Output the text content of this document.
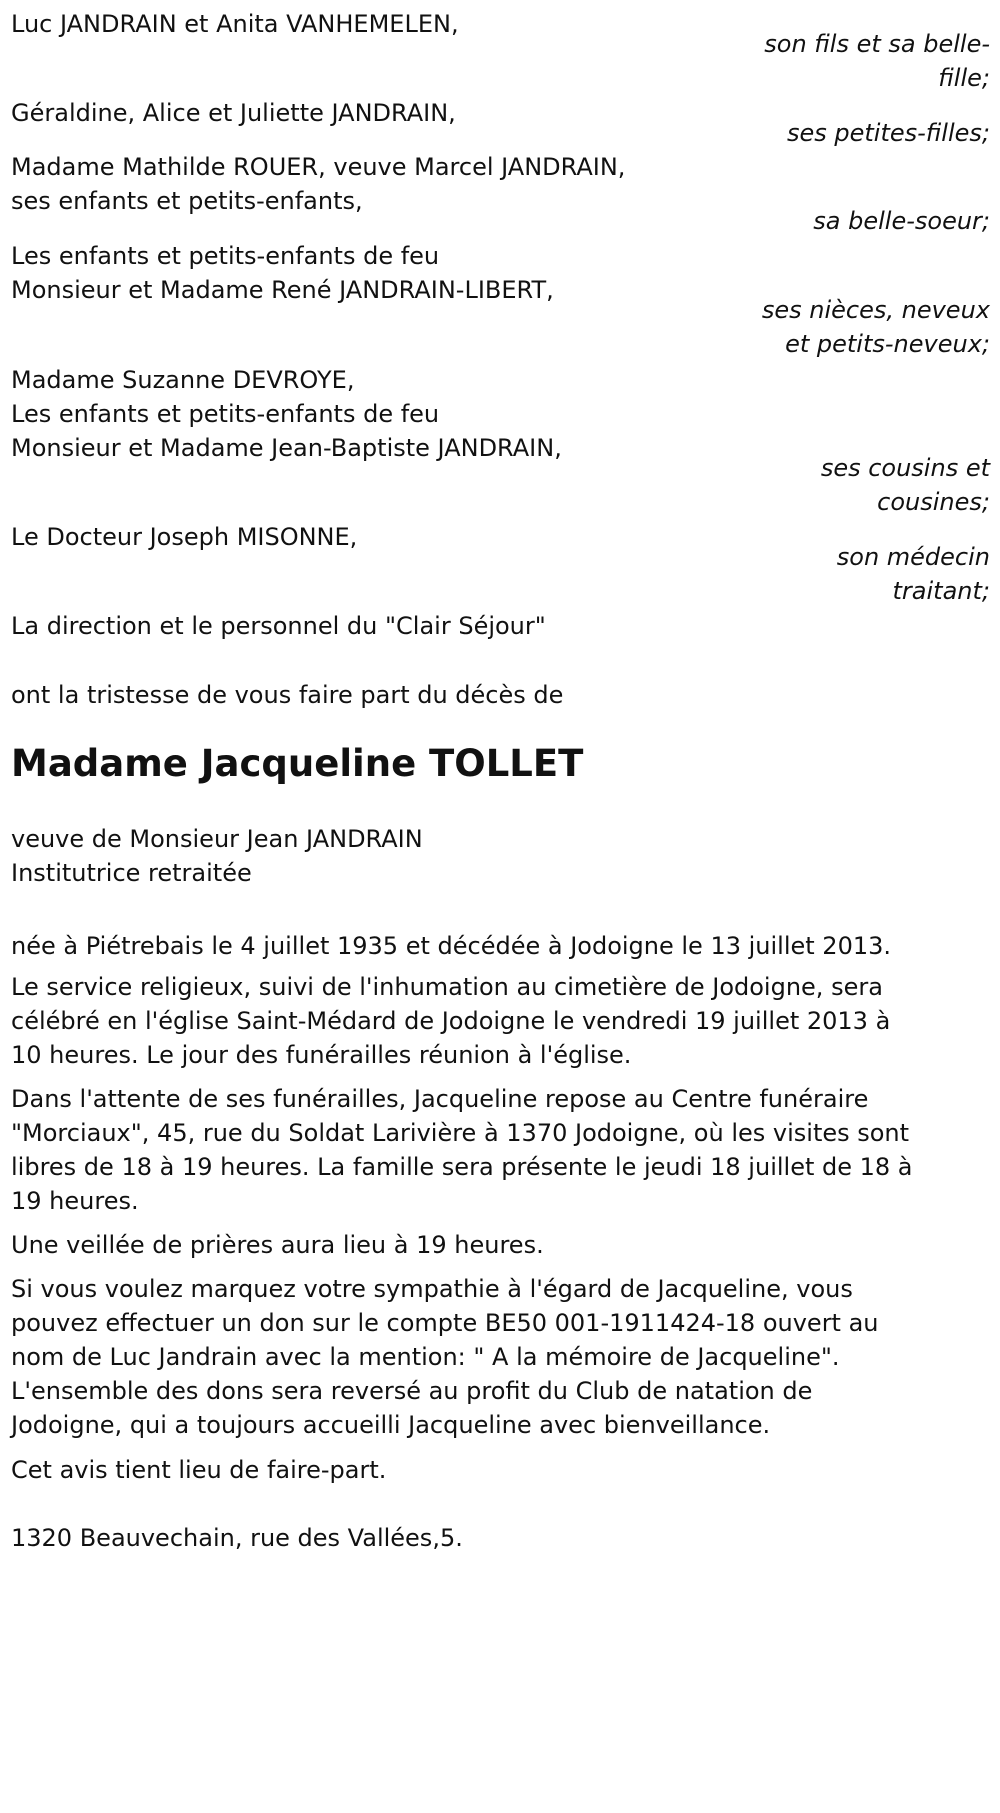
Luc JANDRAIN et Anita VANHEMELEN,
son fils et sa belle-
fille;
Géraldine, Alice et Juliette JANDRAIN,
ses petites-filles;
Madame Mathilde ROUER, veuve Marcel JANDRAIN,
ses enfants et petits-enfants,
sa belle-soeur;
Les enfants et petits-enfants de feu
Monsieur et Madame René JANDRAIN-LIBERT,
ses nièces, neveux
et petits-neveux;
Madame Suzanne DEVROYE,
Les enfants et petits-enfants de feu
Monsieur et Madame Jean-Baptiste JANDRAIN,
ses cousins et
cousines;
Le Docteur Joseph MISONNE,
son médecin
traitant;
La direction et le personnel du "Clair Séjour"
ont la tristesse de vous faire part du décès de
Madame Jacqueline TOLLET
veuve de Monsieur Jean JANDRAIN
Institutrice retraitée
née à Piétrebais le 4 juillet 1935 et décédée à Jodoigne le 13 juillet 2013.
Le service religieux, suivi de l'inhumation au cimetière de Jodoigne, sera
célébré en l'église Saint-Médard de Jodoigne le vendredi 19 juillet 2013 à
10 heures. Le jour des funérailles réunion à l'église.
Dans l'attente de ses funérailles, Jacqueline repose au Centre funéraire
"Morciaux", 45, rue du Soldat Larivière à 1370 Jodoigne, où les visites sont
libres de 18 à 19 heures. La famille sera présente le jeudi 18 juillet de 18 à
19 heures.
Une veillée de prières aura lieu à 19 heures.
Si vous voulez marquez votre sympathie à l'égard de Jacqueline, vous
pouvez effectuer un don sur le compte BE50 001-1911424-18 ouvert au
nom de Luc Jandrain avec la mention: " A la mémoire de Jacqueline".
L'ensemble des dons sera reversé au profit du Club de natation de
Jodoigne, qui a toujours accueilli Jacqueline avec bienveillance.
Cet avis tient lieu de faire-part.
1320 Beauvechain, rue des Vallées,5.
